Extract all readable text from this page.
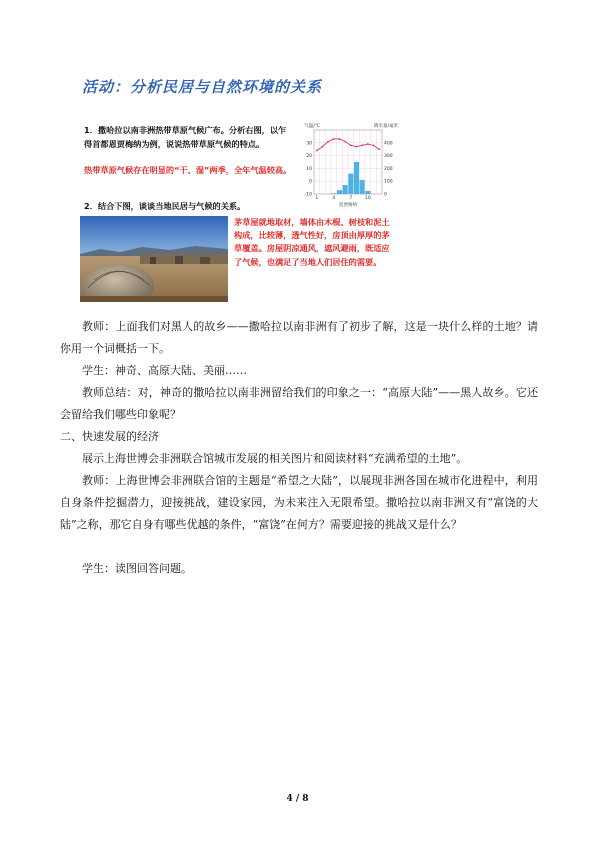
活动：分析民居与自然环境的关系
1．撒哈拉以南非洲热带草原气候广布。分析右图，以乍得首都恩贾梅纳为例，说说热带草原气候的特点。
热带草原气候存在明显的“干、湿”两季，全年气温较高。
2．结合下图，谈谈当地民居与气候的关系。
30
20
10
0
-10
400
300
200
100
0
1	4	7	10
气温/℃	降水量/毫米
恩贾梅纳
茅草屋就地取材，墙体由木棍、树枝和泥土构成，比较薄，透气性好，房顶由厚厚的茅草覆盖。房屋阴凉通风，遮风避雨，既适应了气候，也满足了当地人们居住的需要。
教师：上面我们对黑人的故乡——撒哈拉以南非洲有了初步了解，这是一块什么样的土地？请你用一个词概括一下。
学生：神奇、高原大陆、美丽……
教师总结：对，神奇的撒哈拉以南非洲留给我们的印象之一：“高原大陆”——黑人故乡。它还会留给我们哪些印象呢？
二、快速发展的经济
展示上海世博会非洲联合馆城市发展的相关图片和阅读材料“充满希望的土地”。
教师：上海世博会非洲联合馆的主题是“希望之大陆”，以展现非洲各国在城市化进程中，利用自身条件挖掘潜力，迎接挑战，建设家园，为未来注入无限希望。撒哈拉以南非洲又有“富饶的大陆”之称，那它自身有哪些优越的条件，“富饶”在何方？需要迎接的挑战又是什么？
学生：读图回答问题。
4 / 8
